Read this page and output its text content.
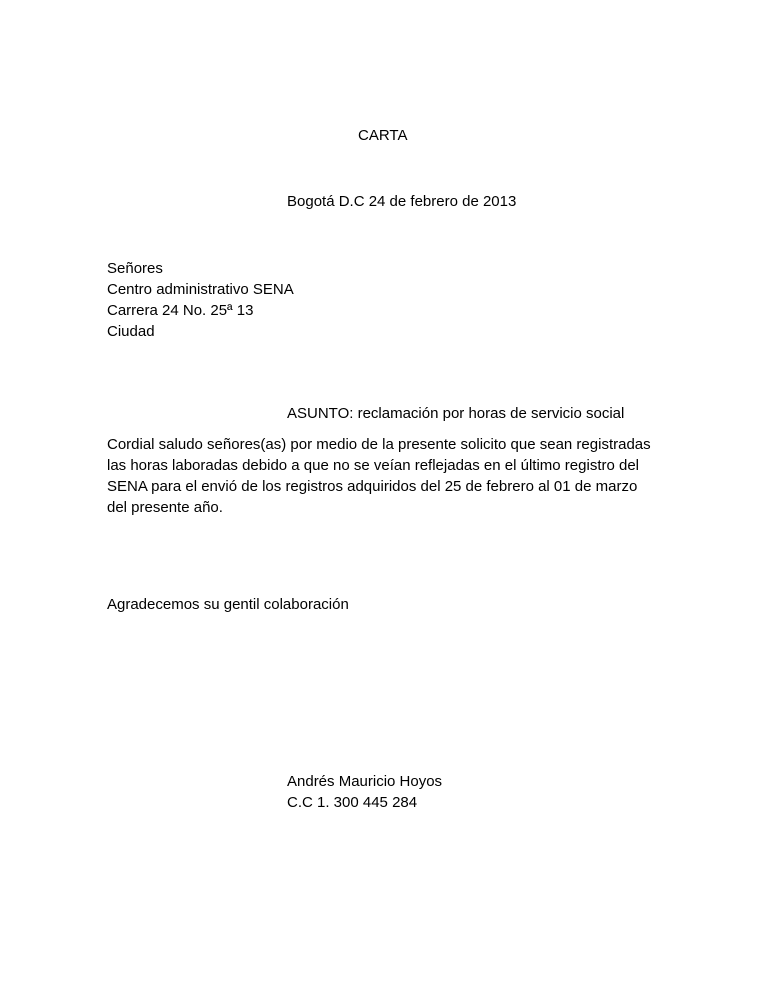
CARTA
Bogotá D.C 24 de febrero de 2013
Señores
Centro administrativo SENA
Carrera 24 No. 25ª 13
Ciudad
ASUNTO: reclamación por horas de servicio social
Cordial saludo señores(as) por medio de la presente solicito que sean registradas
las horas laboradas debido a que no se veían reflejadas en el último registro del
SENA para el envió de los registros adquiridos del 25 de febrero al 01 de marzo
del presente año.
Agradecemos su gentil colaboración
Andrés Mauricio Hoyos
C.C 1. 300 445 284
